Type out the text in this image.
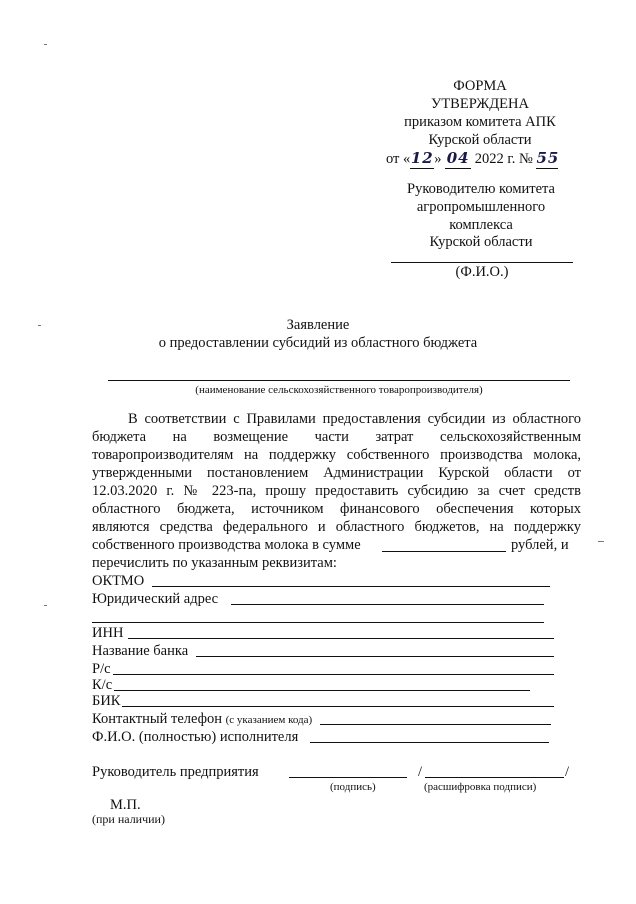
ФОРМА
УТВЕРЖДЕНА
приказом комитета АПК
Курской области
от «12» 04 2022 г. № 55
Руководителю комитета
агропромышленного
комплекса
Курской области
(Ф.И.О.)
Заявление
о предоставлении субсидий из областного бюджета
(наименование сельскохозяйственного товаропроизводителя)
В соответствии с Правилами предоставления субсидии из областного
бюджета на возмещение части затрат сельскохозяйственным
товаропроизводителям на поддержку собственного производства молока,
утвержденными постановлением Администрации Курской области от
12.03.2020 г. № 223-па, прошу предоставить субсидию за счет средств
областного бюджета, источником финансового обеспечения которых
являются средства федерального и областного бюджетов, на поддержку
собственного производства молока в сумме	рублей, и
перечислить по указанным реквизитам:
ОКТМО
Юридический адрес
ИНН
Название банка
Р/с
К/с
БИК
Контактный телефон (с указанием кода)
Ф.И.О. (полностью) исполнителя
Руководитель предприятия	/	/
(подпись)	(расшифровка подписи)
М.П.
(при наличии)
